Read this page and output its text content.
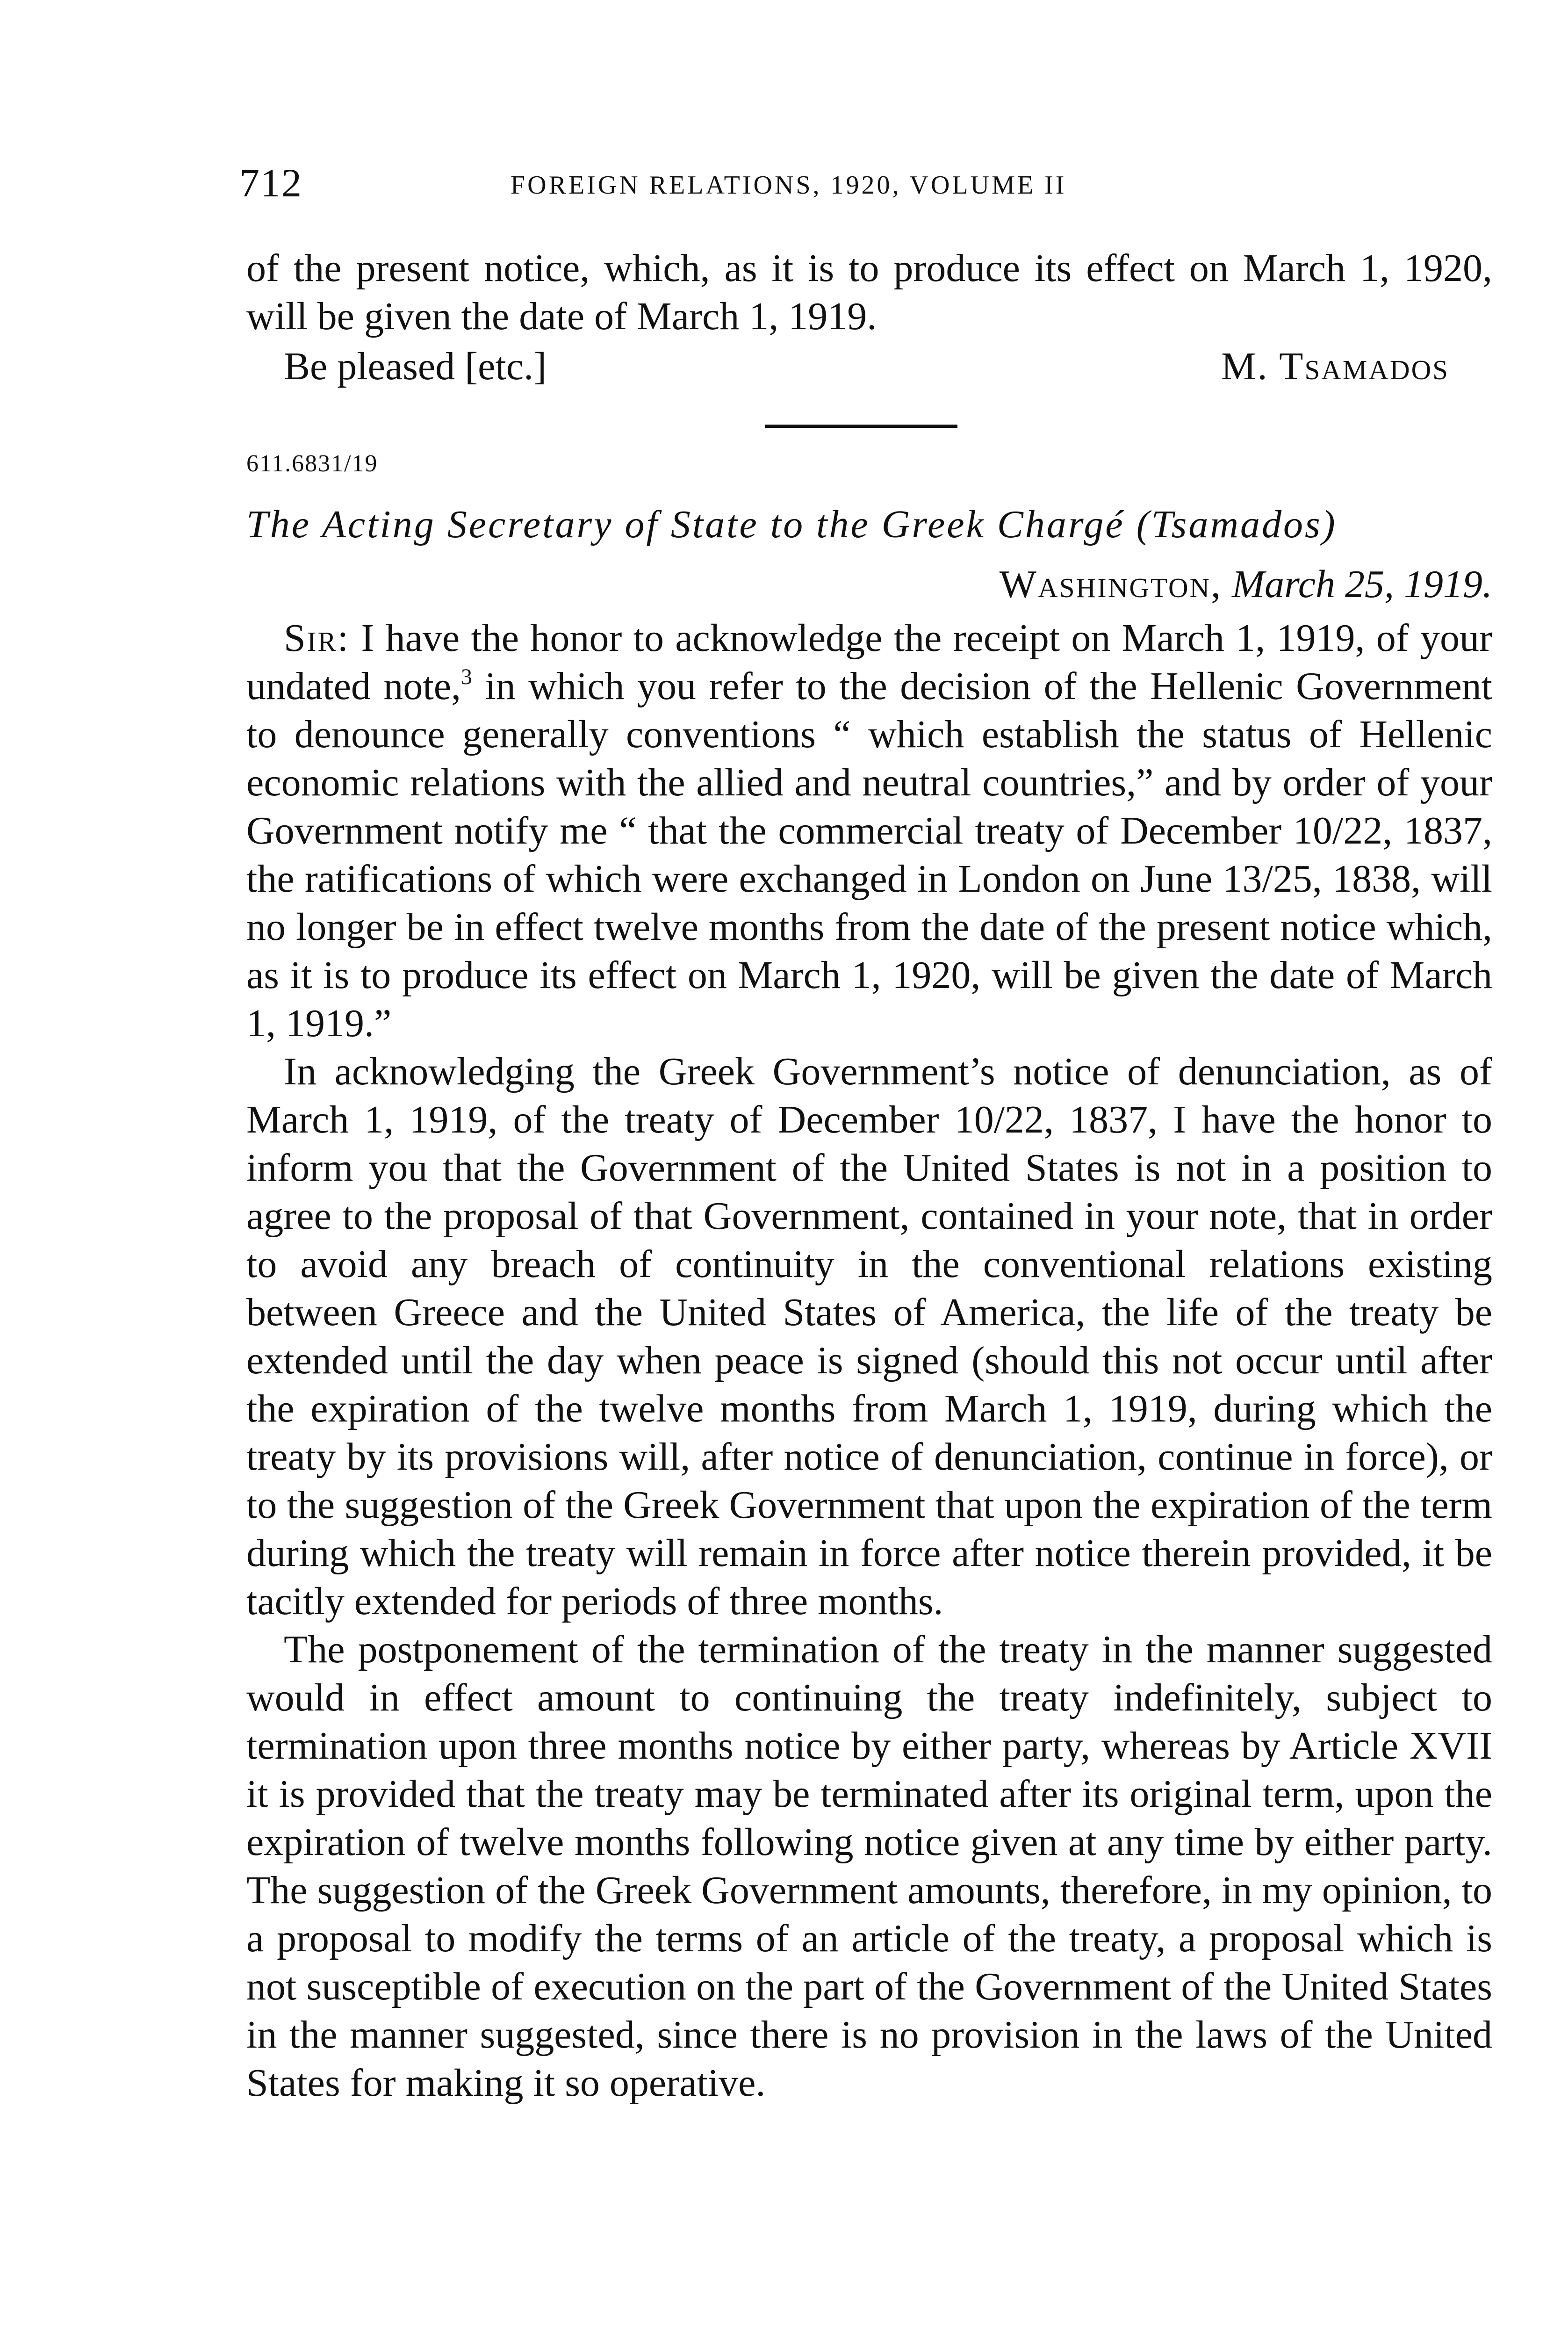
712	FOREIGN RELATIONS, 1920, VOLUME II

of the present notice, which, as it is to produce its effect on March 1, 1920, will be given the date of March 1, 1919.

Be pleased [etc.]	M. Tsamados
611.6831/19
The Acting Secretary of State to the Greek Chargé (Tsamados)
Washington, March 25, 1919.

Sir: I have the honor to acknowledge the receipt on March 1, 1919, of your undated note,$^3$ in which you refer to the decision of the Hellenic Government to denounce generally conventions “ which establish the status of Hellenic economic relations with the allied and neutral countries,” and by order of your Government notify me “ that the commercial treaty of December 10/22, 1837, the ratifications of which were exchanged in London on June 13/25, 1838, will no longer be in effect twelve months from the date of the present notice which, as it is to produce its effect on March 1, 1920, will be given the date of March 1, 1919.”

In acknowledging the Greek Government’s notice of denunciation, as of March 1, 1919, of the treaty of December 10/22, 1837, I have the honor to inform you that the Government of the United States is not in a position to agree to the proposal of that Government, contained in your note, that in order to avoid any breach of continuity in the conventional relations existing between Greece and the United States of America, the life of the treaty be extended until the day when peace is signed (should this not occur until after the expiration of the twelve months from March 1, 1919, during which the treaty by its provisions will, after notice of denunciation, continue in force), or to the suggestion of the Greek Government that upon the expiration of the term during which the treaty will remain in force after notice therein provided, it be tacitly extended for periods of three months.

The postponement of the termination of the treaty in the manner suggested would in effect amount to continuing the treaty indefinitely, subject to termination upon three months notice by either party, whereas by Article XVII it is provided that the treaty may be terminated after its original term, upon the expiration of twelve months following notice given at any time by either party. The suggestion of the Greek Government amounts, therefore, in my opinion, to a proposal to modify the terms of an article of the treaty, a proposal which is not susceptible of execution on the part of the Government of the United States in the manner suggested, since there is no provision in the laws of the United States for making it so operative.
